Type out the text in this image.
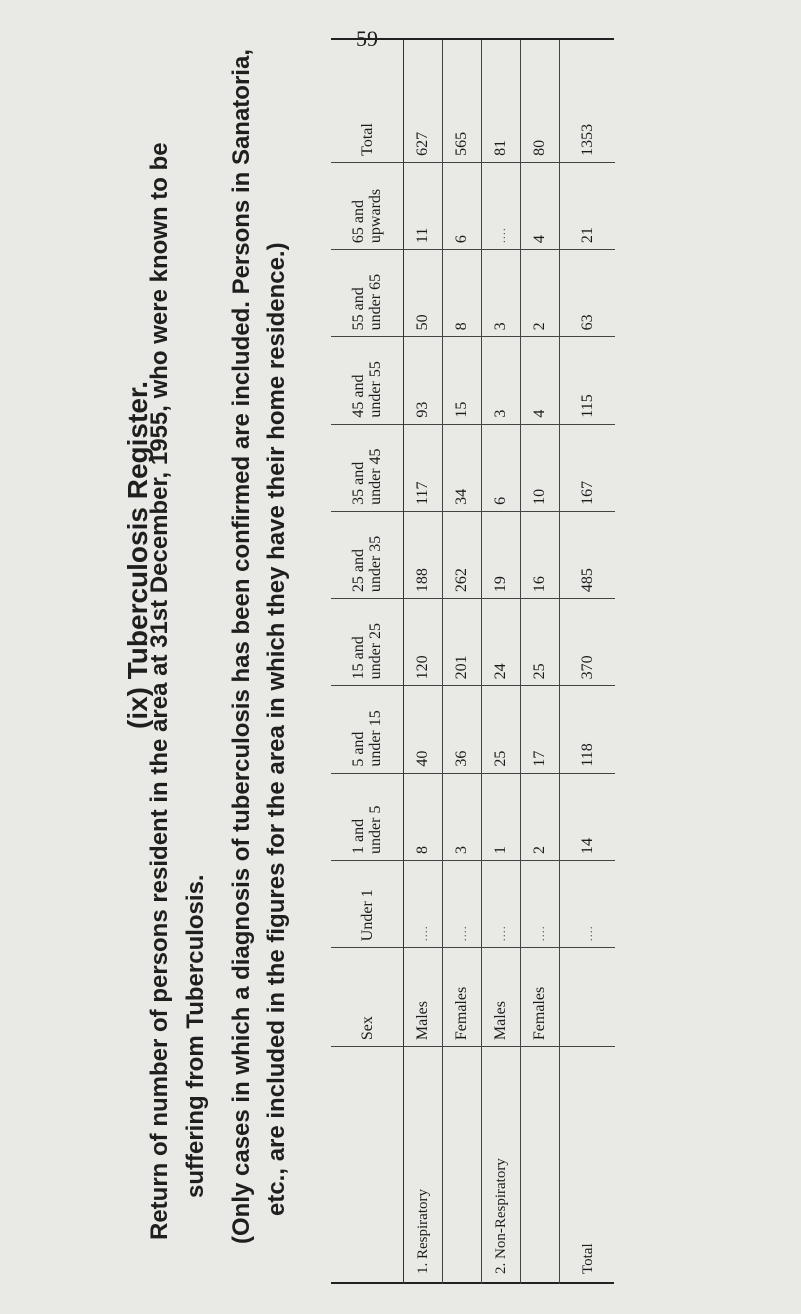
59
(ix) Tuberculosis Register.
Return of number of persons resident in the area at 31st December, 1955, who were known to be suffering from Tuberculosis. (Only cases in which a diagnosis of tuberculosis has been confirmed are included. Persons in Sanatoria, etc., are included in the figures for the area in which they have their home residence.)
		Sex	Under 1	1 and under 5	5 and under 15	15 and under 25	25 and under 35	35 and under 45	45 and under 55	55 and under 65	65 and upwards	Total
1. Respiratory	Males	....	8	40	120	188	117	93	50	11	627
	Females	....	3	36	201	262	34	15	8	6	565
2. Non-Respiratory	Males	....	1	25	24	19	6	3	3	....	81
	Females	....	2	17	25	16	10	4	2	4	80
Total		....	14	118	370	485	167	115	63	21	1353
